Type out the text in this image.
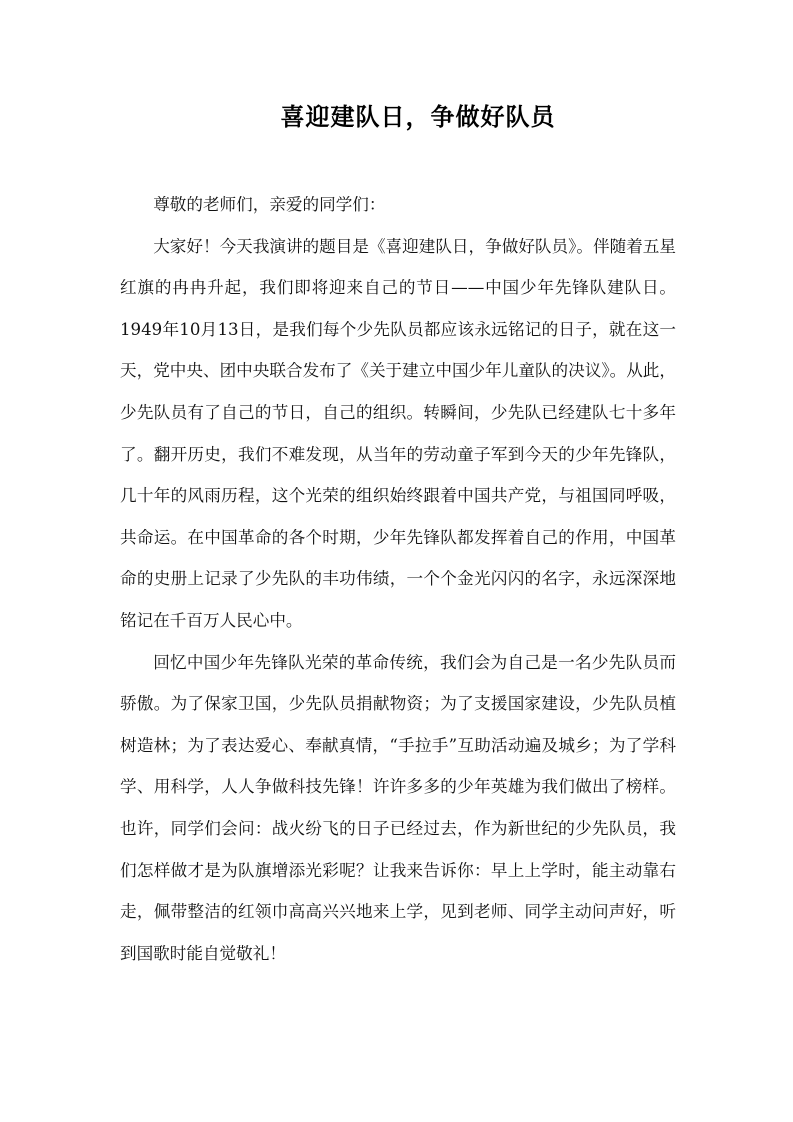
喜迎建队日，争做好队员

尊敬的老师们，亲爱的同学们：

大家好！今天我演讲的题目是《喜迎建队日，争做好队员》。伴随着五星红旗的冉冉升起，我们即将迎来自己的节日——中国少年先锋队建队日。1949年10月13日，是我们每个少先队员都应该永远铭记的日子，就在这一天，党中央、团中央联合发布了《关于建立中国少年儿童队的决议》。从此，少先队员有了自己的节日，自己的组织。转瞬间，少先队已经建队七十多年了。翻开历史，我们不难发现，从当年的劳动童子军到今天的少年先锋队，几十年的风雨历程，这个光荣的组织始终跟着中国共产党，与祖国同呼吸，共命运。在中国革命的各个时期，少年先锋队都发挥着自己的作用，中国革命的史册上记录了少先队的丰功伟绩，一个个金光闪闪的名字，永远深深地铭记在千百万人民心中。

回忆中国少年先锋队光荣的革命传统，我们会为自己是一名少先队员而骄傲。为了保家卫国，少先队员捐献物资；为了支援国家建设，少先队员植树造林；为了表达爱心、奉献真情，“手拉手”互助活动遍及城乡；为了学科学、用科学，人人争做科技先锋！许许多多的少年英雄为我们做出了榜样。也许，同学们会问：战火纷飞的日子已经过去，作为新世纪的少先队员，我们怎样做才是为队旗增添光彩呢？让我来告诉你：早上上学时，能主动靠右走，佩带整洁的红领巾高高兴兴地来上学，见到老师、同学主动问声好，听到国歌时能自觉敬礼！
